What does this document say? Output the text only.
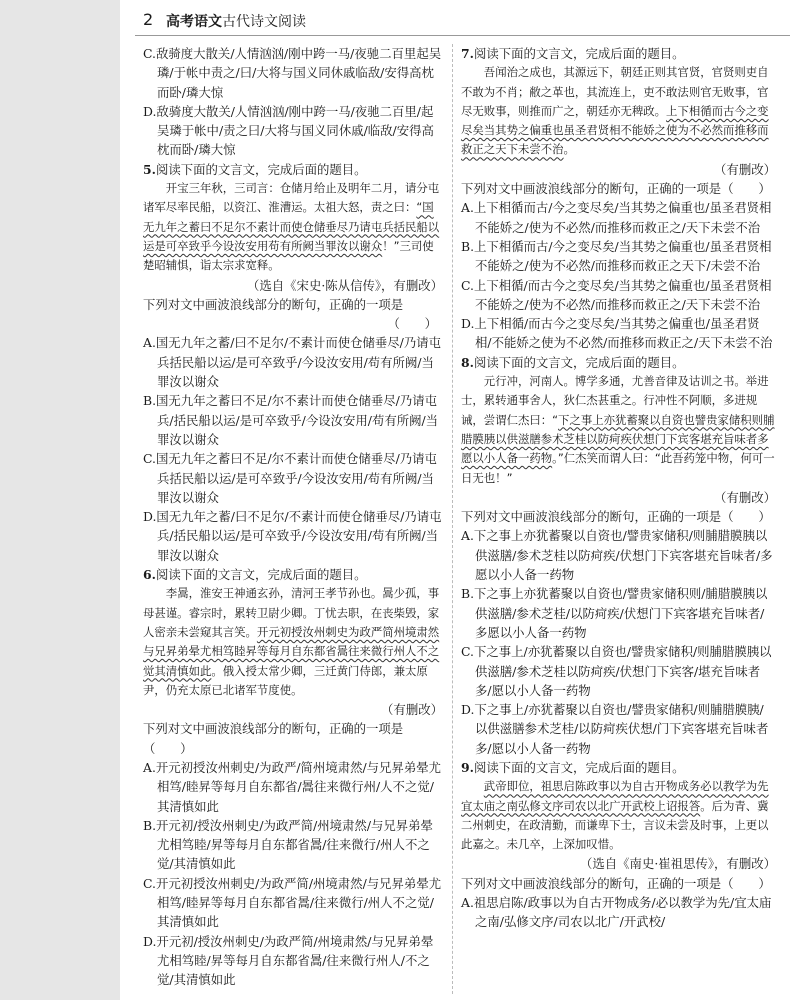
2 高考语文 古代诗文阅读
C.敌骑度大散关/人情汹汹/刚中跨一马/夜驰二百里起吴璘/于帐中责之/曰/大将与国义同休戚临敌/安得高枕而卧/璘大惊
D.敌骑度大散关/人情汹汹/刚中跨一马/夜驰二百里/起吴璘于帐中/责之曰/大将与国义同休戚/临敌/安得高枕而卧/璘大惊
5.阅读下面的文言文，完成后面的题目。
开宝三年秋，三司言：仓储月给止及明年二月，请分屯诸军尽率民船，以资江、淮漕运。太祖大怒，责之曰：“国无九年之蓄曰不足尔不素计而使仓储垂尽乃请屯兵括民船以运是可卒致乎今设汝安用苟有所阙当罪汝以谢众！”三司使楚昭辅惧，诣太宗求宽释。
（选自《宋史·陈从信传》，有删改）
下列对文中画波浪线部分的断句，正确的一项是
（　　）
A.国无九年之蓄/曰不足尔/不素计而使仓储垂尽/乃请屯兵括民船以运/是可卒致乎/今设汝安用/苟有所阙/当罪汝以谢众
B.国无九年之蓄曰不足/尔不素计而使仓储垂尽/乃请屯兵/括民船以运/是可卒致乎/今设汝安用/苟有所阙/当罪汝以谢众
C.国无九年之蓄曰不足/尔不素计而使仓储垂尽/乃请屯兵括民船以运/是可卒致乎/今设汝安用/苟有所阙/当罪汝以谢众
D.国无九年之蓄/曰不足尔/不素计而使仓储垂尽/乃请屯兵/括民船以运/是可卒致乎/今设汝安用/苟有所阙/当罪汝以谢众
6.阅读下面的文言文，完成后面的题目。
李暠，淮安王神通玄孙，清河王孝节孙也。暠少孤，事母甚谨。睿宗时，累转卫尉少卿。丁忧去职，在丧柴毁，家人密亲未尝窥其言笑。开元初授汝州刺史为政严简州境肃然与兄昇弟晕尤相笃睦昇等每月自东都省暠往来微行州人不之觉其清慎如此。俄入授太常少卿，三迁黄门侍郎，兼太原尹，仍充太原已北诸军节度使。
（有删改）
下列对文中画波浪线部分的断句，正确的一项是（　　）
A.开元初授汝州刺史/为政严/简州境肃然/与兄昇弟晕尤相笃/睦昇等每月自东都省/暠往来微行州/人不之觉/其清慎如此
B.开元初/授汝州刺史/为政严简/州境肃然/与兄昇弟晕尤相笃睦/昇等每月自东都省暠/往来微行/州人不之觉/其清慎如此
C.开元初授汝州刺史/为政严简/州境肃然/与兄昇弟晕尤相笃/睦昇等每月自东都省暠/往来微行/州人不之觉/其清慎如此
D.开元初/授汝州刺史/为政严简/州境肃然/与兄昇弟晕尤相笃睦/昇等每月自东都省暠/往来微行州人/不之觉/其清慎如此
7.阅读下面的文言文，完成后面的题目。
吾闻治之成也，其源远下，朝廷正则其官贤，官贤则吏自不敢为不肖；敝之革也，其流连上，吏不敢法则官无败事，官尽无败事，则推而广之，朝廷亦无稗政。上下相循而古今之变尽矣当其势之偏重也虽圣君贤相不能娇之使为不必然而推移而救正之天下未尝不治。
（有删改）
下列对文中画波浪线部分的断句，正确的一项是（　　）
A.上下相循而古/今之变尽矣/当其势之偏重也/虽圣君贤相不能娇之/使为不必然/而推移而救正之/天下未尝不治
B.上下相循而古/今之变尽矣/当其势之偏重也/虽圣君贤相不能娇之/使为不必然/而推移而救正之天下/未尝不治
C.上下相循/而古今之变尽矣/当其势之偏重也/虽圣君贤相不能娇之/使为不必然/而推移而救正之/天下未尝不治
D.上下相循/而古今之变尽矣/当其势之偏重也/虽圣君贤相/不能娇之使为不必然/而推移而救正之/天下未尝不治
8.阅读下面的文言文，完成后面的题目。
元行冲，河南人。博学多通，尤善音律及诂训之书。举进士，累转通事舍人，狄仁杰甚重之。行冲性不阿顺，多进规诫，尝谓仁杰曰：“下之事上亦犹蓄聚以自资也譬贵家储积则脯腊膜胰以供滋膳参术芝桂以防疴疾伏想门下宾客堪充旨味者多愿以小人备一药物。”仁杰笑而谓人曰：“此吾药笼中物，何可一日无也！”
（有删改）
下列对文中画波浪线部分的断句，正确的一项是（　　）
A.下之事上亦犹蓄聚以自资也/譬贵家储积/则脯腊膜胰以供滋膳/参术芝桂以防疴疾/伏想门下宾客堪充旨味者/多愿以小人备一药物
B.下之事上亦犹蓄聚以自资也/譬贵家储积则/脯腊膜胰以供滋膳/参术芝桂/以防疴疾/伏想门下宾客堪充旨味者/多愿以小人备一药物
C.下之事上/亦犹蓄聚以自资也/譬贵家储积/则脯腊膜胰以供滋膳/参术芝桂以防疴疾/伏想门下宾客/堪充旨味者多/愿以小人备一药物
D.下之事上/亦犹蓄聚以自资也/譬贵家储积/则脯腊膜胰/以供滋膳参术芝桂/以防疴疾伏想/门下宾客堪充旨味者多/愿以小人备一药物
9.阅读下面的文言文，完成后面的题目。
武帝即位，祖思启陈政事以为自古开物成务必以教学为先宜太庙之南弘修文序司农以北广开武校上诏报答。后为青、冀二州刺史，在政清勤，而谦卑下士，言议未尝及时事，上更以此嘉之。未几卒，上深加叹惜。
（选自《南史·崔祖思传》，有删改）
下列对文中画波浪线部分的断句，正确的一项是（　　）
A.祖思启陈/政事以为自古开物成务/必以教学为先/宜太庙之南/弘修文序/司农以北广/开武校/
